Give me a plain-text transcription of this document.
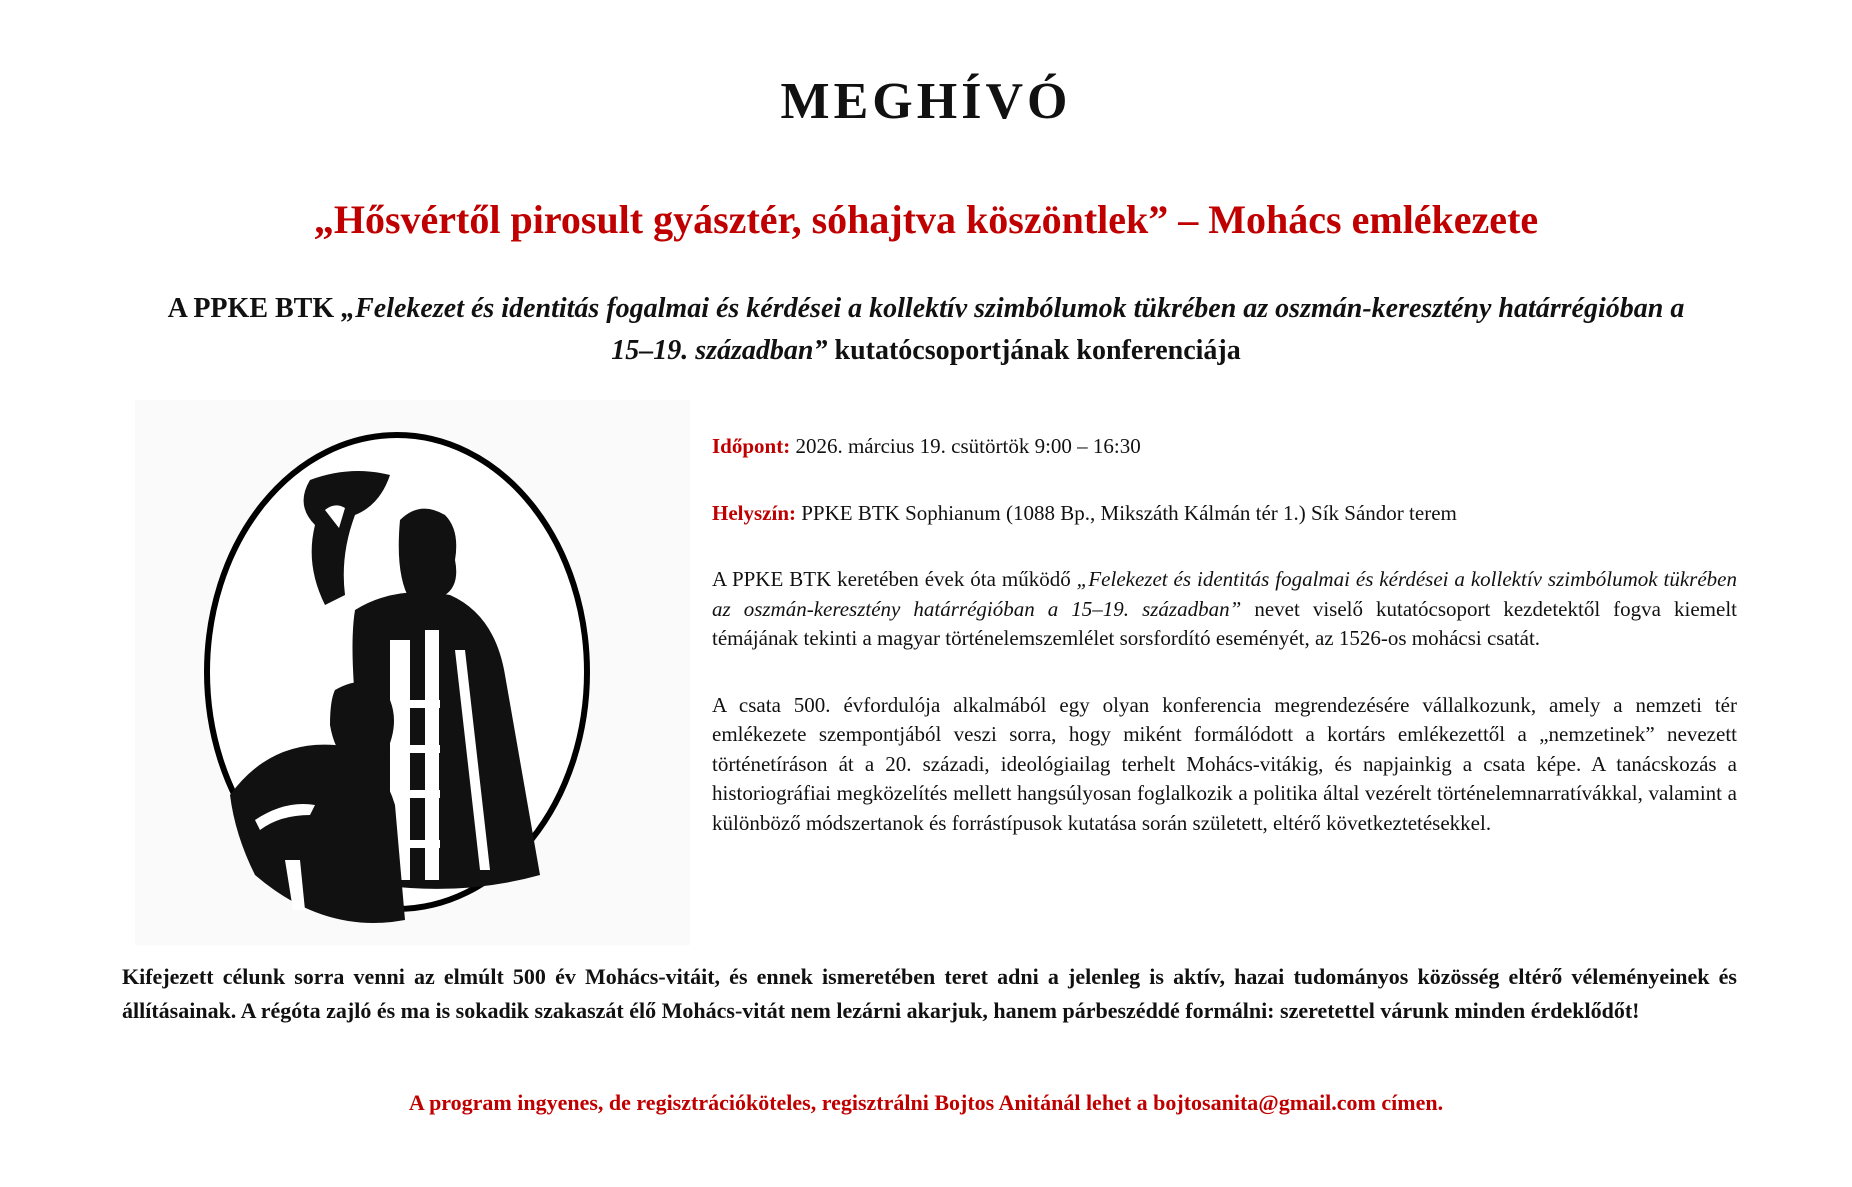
MEGHÍVÓ
„Hősvértől pirosult gyásztér, sóhajtva köszöntlek” – Mohács emlékezete
A PPKE BTK „Felekezet és identitás fogalmai és kérdései a kollektív szimbólumok tükrében az oszmán-keresztény határrégióban a 15–19. században” kutatócsoportjának konferenciája

Időpont: 2026. március 19. csütörtök 9:00 – 16:30

Helyszín: PPKE BTK Sophianum (1088 Bp., Mikszáth Kálmán tér 1.) Sík Sándor terem

A PPKE BTK keretében évek óta működő „Felekezet és identitás fogalmai és kérdései a kollektív szimbólumok tükrében az oszmán-keresztény határrégióban a 15–19. században” nevet viselő kutatócsoport kezdetektől fogva kiemelt témájának tekinti a magyar történelemszemlélet sorsfordító eseményét, az 1526-os mohácsi csatát.

A csata 500. évfordulója alkalmából egy olyan konferencia megrendezésére vállalkozunk, amely a nemzeti tér emlékezete szempontjából veszi sorra, hogy miként formálódott a kortárs emlékezettől a „nemzetinek” nevezett történetíráson át a 20. századi, ideológiailag terhelt Mohács-vitákig, és napjainkig a csata képe. A tanácskozás a historiográfiai megközelítés mellett hangsúlyosan foglalkozik a politika által vezérelt történelemnarratívákkal, valamint a különböző módszertanok és forrástípusok kutatása során született, eltérő következtetésekkel.

Kifejezett célunk sorra venni az elmúlt 500 év Mohács-vitáit, és ennek ismeretében teret adni a jelenleg is aktív, hazai tudományos közösség eltérő véleményeinek és állításainak. A régóta zajló és ma is sokadik szakaszát élő Mohács-vitát nem lezárni akarjuk, hanem párbeszéddé formálni: szeretettel várunk minden érdeklődőt!
A program ingyenes, de regisztrációköteles, regisztrálni Bojtos Anitánál lehet a bojtosanita@gmail.com címen.
